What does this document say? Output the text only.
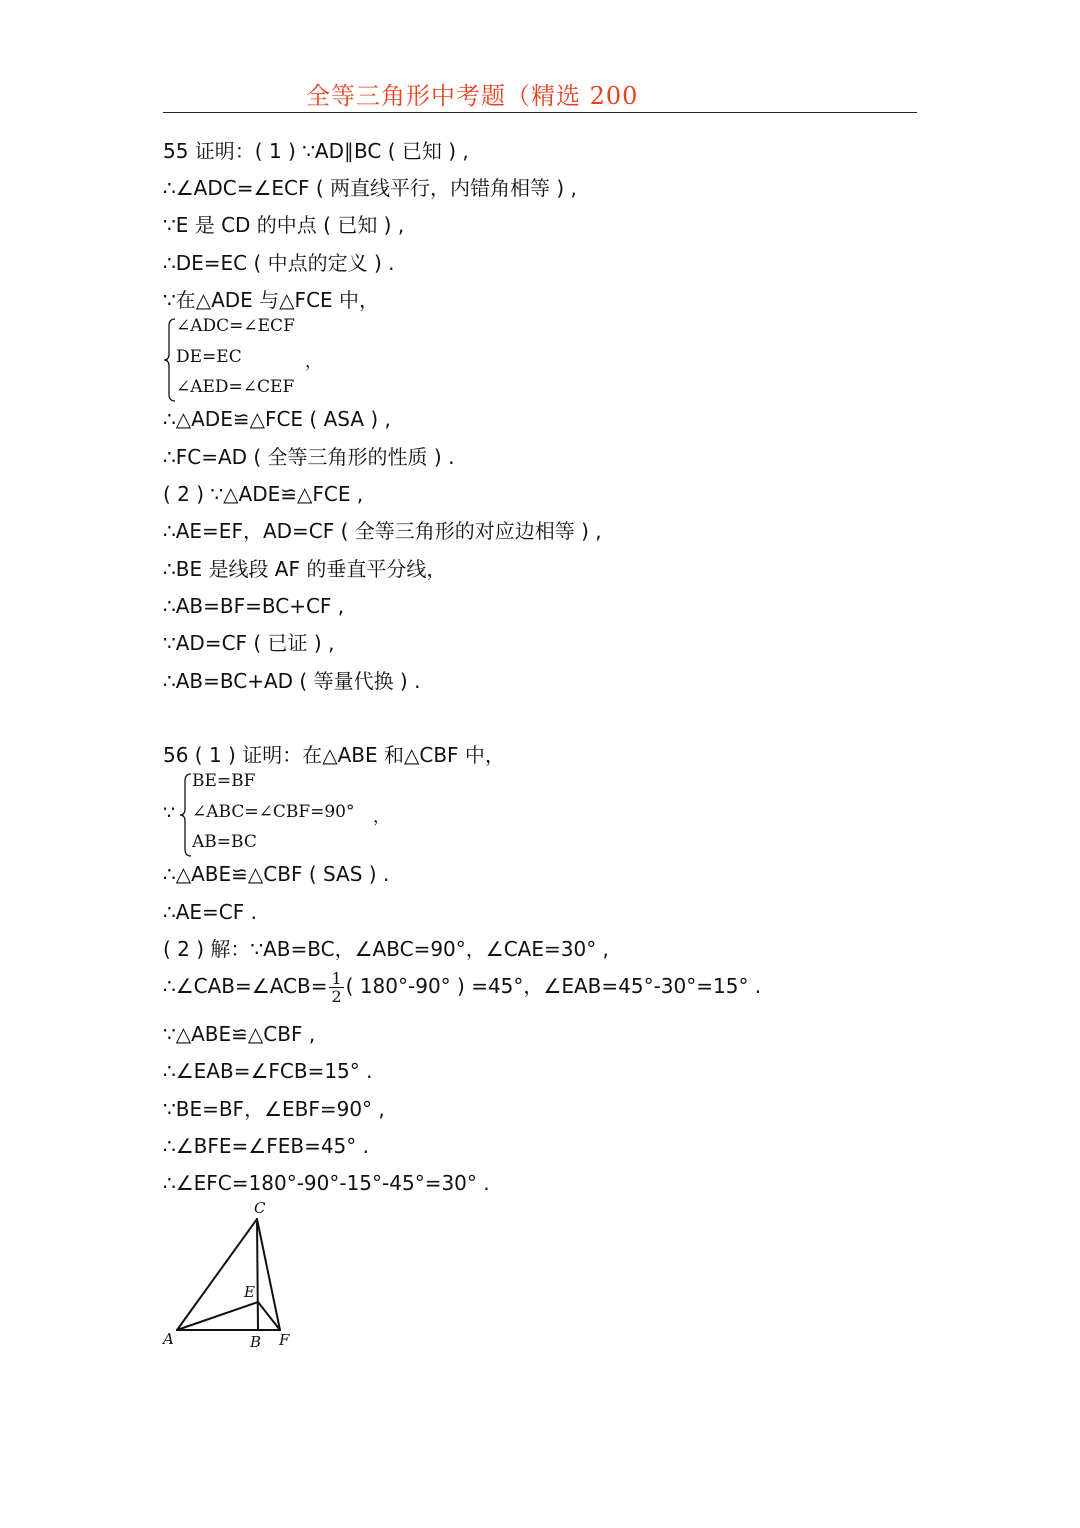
全等三角形中考题（精选 200
55 证明：( 1 ) ∵AD∥BC ( 已知 ) ,
∴∠ADC=∠ECF ( 两直线平行，内错角相等 ) ,
∵E 是 CD 的中点 ( 已知 ) ,
∴DE=EC ( 中点的定义 ) .
∵在△ADE 与△FCE 中，
∠ADC=∠ECF
DE=EC
∠AED=∠CEF
，
∴△ADE≌△FCE ( ASA ) ,
∴FC=AD ( 全等三角形的性质 ) .
( 2 ) ∵△ADE≌△FCE ,
∴AE=EF，AD=CF ( 全等三角形的对应边相等 ) ,
∴BE 是线段 AF 的垂直平分线，
∴AB=BF=BC+CF ,
∵AD=CF ( 已证 ) ,
∴AB=BC+AD ( 等量代换 ) .
56 ( 1 ) 证明：在△ABE 和△CBF 中，
∵
BE=BF
∠ABC=∠CBF=90°
AB=BC
，
∴△ABE≌△CBF ( SAS ) .
∴AE=CF .
( 2 ) 解：∵AB=BC，∠ABC=90°，∠CAE=30° ,
∴∠CAB=∠ACB= $\frac{1}{2}$ ( 180°-90° ) =45°，∠EAB=45°-30°=15° .
∵△ABE≌△CBF ,
∴∠EAB=∠FCB=15° .
∵BE=BF，∠EBF=90° ,
∴∠BFE=∠FEB=45° .
∴∠EFC=180°-90°-15°-45°=30° .
C
E
A	B F
